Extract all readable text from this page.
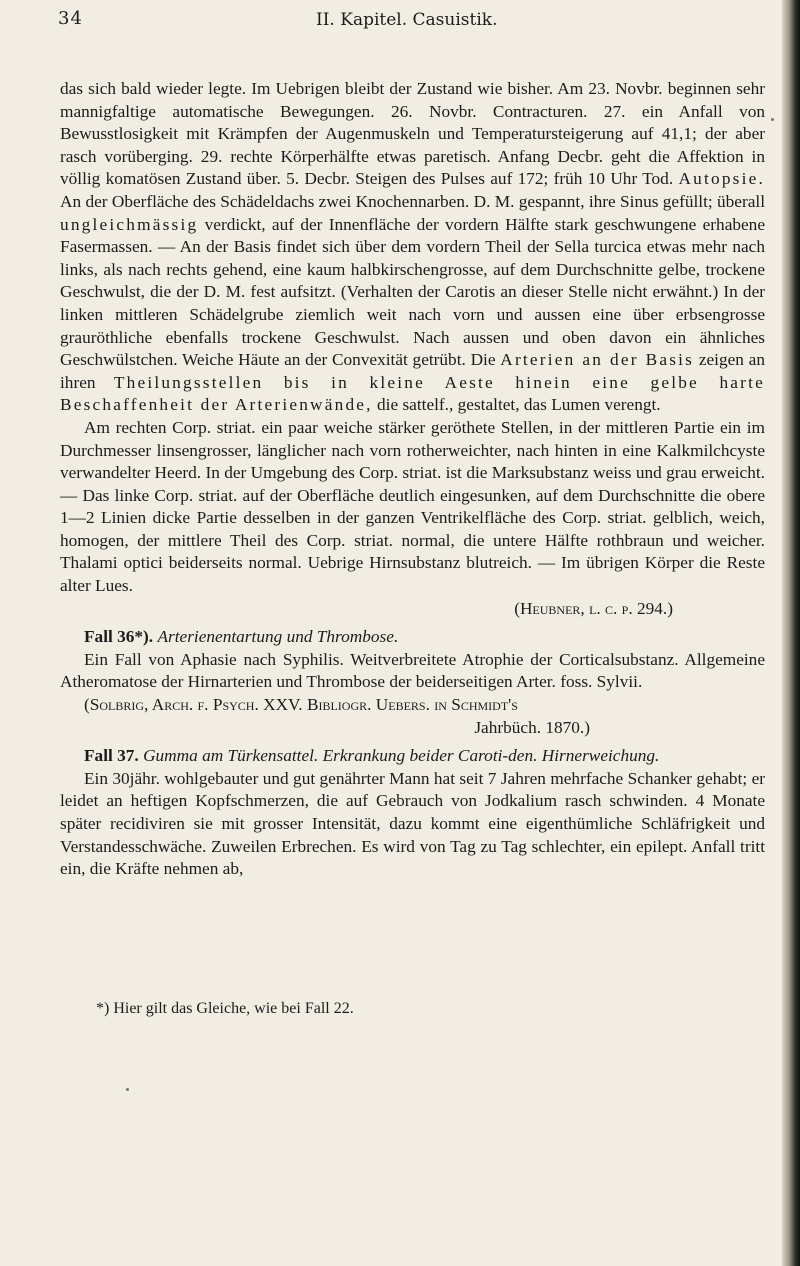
34	II. Kapitel. Casuistik.

das sich bald wieder legte. Im Uebrigen bleibt der Zustand wie bisher. Am 23. Novbr. beginnen sehr mannigfaltige automatische Bewegungen. 26. Novbr. Contracturen. 27. ein Anfall von Bewusstlosigkeit mit Krämpfen der Augenmuskeln und Temperatursteigerung auf 41,1; der aber rasch vorüberging. 29. rechte Körperhälfte etwas paretisch. Anfang Decbr. geht die Affektion in völlig komatösen Zustand über. 5. Decbr. Steigen des Pulses auf 172; früh 10 Uhr Tod. Autopsie. An der Oberfläche des Schädeldachs zwei Knochennarben. D. M. gespannt, ihre Sinus gefüllt; überall ungleichmässig verdickt, auf der Innenfläche der vordern Hälfte stark geschwungene erhabene Fasermassen. — An der Basis findet sich über dem vordern Theil der Sella turcica etwas mehr nach links, als nach rechts gehend, eine kaum halbkirschengrosse, auf dem Durchschnitte gelbe, trockene Geschwulst, die der D. M. fest aufsitzt. (Verhalten der Carotis an dieser Stelle nicht erwähnt.) In der linken mittleren Schädelgrube ziemlich weit nach vorn und aussen eine über erbsengrosse grauröthliche ebenfalls trockene Geschwulst. Nach aussen und oben davon ein ähnliches Geschwülstchen. Weiche Häute an der Convexität getrübt. Die Arterien an der Basis zeigen an ihren Theilungsstellen bis in kleine Aeste hinein eine gelbe harte Beschaffenheit der Arterienwände, die sattelf., gestaltet, das Lumen verengt.

Am rechten Corp. striat. ein paar weiche stärker geröthete Stellen, in der mittleren Partie ein im Durchmesser linsengrosser, länglicher nach vorn rotherweichter, nach hinten in eine Kalkmilchcyste verwandelter Heerd. In der Umgebung des Corp. striat. ist die Marksubstanz weiss und grau erweicht. — Das linke Corp. striat. auf der Oberfläche deutlich eingesunken, auf dem Durchschnitte die obere 1—2 Linien dicke Partie desselben in der ganzen Ventrikelfläche des Corp. striat. gelblich, weich, homogen, der mittlere Theil des Corp. striat. normal, die untere Hälfte rothbraun und weicher. Thalami optici beiderseits normal. Uebrige Hirnsubstanz blutreich. — Im übrigen Körper die Reste alter Lues.

(Heubner, l. c. p. 294.)

Fall 36*). Arterienentartung und Thrombose.

Ein Fall von Aphasie nach Syphilis. Weitverbreitete Atrophie der Corticalsubstanz. Allgemeine Atheromatose der Hirnarterien und Thrombose der beiderseitigen Arter. foss. Sylvii.

(Solbrig, Arch. f. Psych. XXV. Bibliogr. Uebers. in Schmidt's

Jahrbüch. 1870.)

Fall 37. Gumma am Türkensattel. Erkrankung beider Caroti-den. Hirnerweichung.

Ein 30jähr. wohlgebauter und gut genährter Mann hat seit 7 Jahren mehrfache Schanker gehabt; er leidet an heftigen Kopfschmerzen, die auf Gebrauch von Jodkalium rasch schwinden. 4 Monate später recidiviren sie mit grosser Intensität, dazu kommt eine eigenthümliche Schläfrigkeit und Verstandesschwäche. Zuweilen Erbrechen. Es wird von Tag zu Tag schlechter, ein epilept. Anfall tritt ein, die Kräfte nehmen ab,

*) Hier gilt das Gleiche, wie bei Fall 22.
